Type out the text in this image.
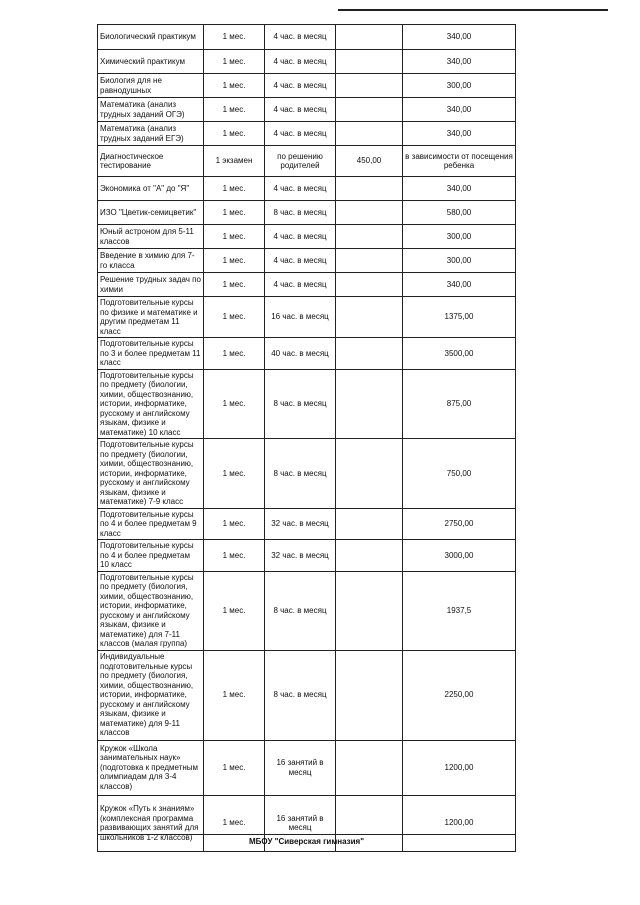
Биологический практикум	1 мес.	4 час. в месяц		340,00
Химический практикум	1 мес.	4 час. в месяц		340,00
Биология для не равнодушных	1 мес.	4 час. в месяц		300,00
Математика (анализ трудных заданий ОГЭ)	1 мес.	4 час. в месяц		340,00
Математика (анализ трудных заданий ЕГЭ)	1 мес.	4 час. в месяц		340,00
Диагностическое тестирование	1 экзамен	по решению родителей	450,00	в зависимости от посещения ребенка
Экономика от "А" до "Я"	1 мес.	4 час. в месяц		340,00
ИЗО "Цветик-семицветик"	1 мес.	8 час. в месяц		580,00
Юный астроном для 5-11 классов	1 мес.	4 час. в месяц		300,00
Введение в химию для 7-го класса	1 мес.	4 час. в месяц		300,00
Решение трудных задач по химии	1 мес.	4 час. в месяц		340,00
Подготовительные курсы по физике и математике и другим предметам 11 класс	1 мес.	16 час. в месяц		1375,00
Подготовительные курсы по 3 и более предметам 11 класс	1 мес.	40 час. в месяц		3500,00
Подготовительные курсы по предмету (биологии, химии, обществознанию, истории, информатике, русскому и английскому языкам, физике и математике) 10 класс	1 мес.	8 час. в месяц		875,00
Подготовительные курсы по предмету (биологии, химии, обществознанию, истории, информатике, русскому и английскому языкам, физике и математике) 7-9 класс	1 мес.	8 час. в месяц		750,00
Подготовительные курсы по 4 и более предметам 9 класс	1 мес.	32 час. в месяц		2750,00
Подготовительные курсы по 4 и более предметам 10 класс	1 мес.	32 час. в месяц		3000,00
Подготовительные курсы по предмету (биология, химии, обществознанию, истории, информатике, русскому и английскому языкам, физике и математике) для 7-11 классов (малая группа)	1 мес.	8 час. в месяц		1937,5
Индивидуальные подготовительные курсы по предмету (биология, химии, обществознанию, истории, информатике, русскому и английскому языкам, физике и математике) для 9-11 классов	1 мес.	8 час. в месяц		2250,00
Кружок «Школа занимательных наук» (подготовка к предметным олимпиадам для 3-4 классов)	1 мес.	16 занятий в месяц		1200,00
Кружок «Путь к знаниям» (комплексная программа развивающих занятий для школьников 1-2 классов)	1 мес.	16 занятий в месяц		1200,00
МБОУ "Сиверская гимназия"
